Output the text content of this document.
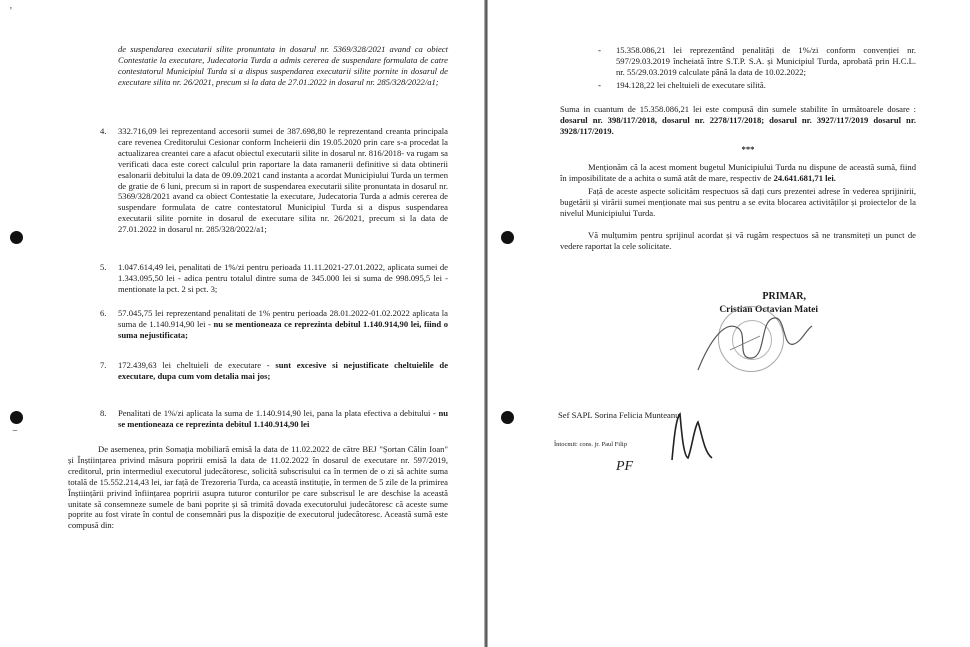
'
de suspendarea executarii silite pronuntata in dosarul nr. 5369/328/2021 avand ca obiect Contestatie la executare, Judecatoria Turda a admis cererea de suspendare formulata de catre contestatorul Municipiul Turda si a dispus suspendarea executarii silite pornite in dosarul de executare silita nr. 26/2021, precum si la data de 27.01.2022 in dosarul nr. 285/328/2022/a1;
4. 332.716,09 lei reprezentand accesorii sumei de 387.698,80 le reprezentand creanta principala care revenea Creditorului Cesionar conform Incheierii din 19.05.2020 prin care s-a procedat la actualizarea creantei care a afacut obiectul executarii silite in dosarul nr. 816/2018- va rugam sa verificati daca este corect calculul prin raportare la data ramanerii definitive si data obtinerii esalonarii debitului la data de 09.09.2021 cand instanta a acordat Municipiului Turda un termen de gratie de 6 luni, precum si in raport de suspendarea executarii silite pronuntata in dosarul nr. 5369/328/2021 avand ca obiect Contestatie la executare, Judecatoria Turda a admis cererea de suspendare formulata de catre contestatorul Municipiul Turda si a dispus suspendarea executarii silite pornite in dosarul de executare silita nr. 26/2021, precum si la data de 27.01.2022 in dosarul nr. 285/328/2022/a1;
5. 1.047.614,49 lei, penalitati de 1%/zi pentru perioada 11.11.2021-27.01.2022, aplicata sumei de 1.343.095,50 lei - adica pentru totalul dintre suma de 345.000 lei si suma de 998.095,5 lei - mentionate la pct. 2 si pct. 3;
6. 57.045,75 lei reprezentand penalitati de 1% pentru perioada 28.01.2022-01.02.2022 aplicata la suma de 1.140.914,90 lei - nu se mentioneaza ce reprezinta debitul 1.140.914,90 lei, fiind o suma nejustificata;
7. 172.439,63 lei cheltuieli de executare - sunt excesive si nejustificate cheltuielile de executare, dupa cum vom detalia mai jos;
8. Penalitati de 1%/zi aplicata la suma de 1.140.914,90 lei, pana la plata efectiva a debitului - nu se mentioneaza ce reprezinta debitul 1.140.914,90 lei
De asemenea, prin Somația mobiliară emisă la data de 11.02.2022 de către BEJ "Șortan Călin Ioan" și Înștiințarea privind măsura popririi emisă la data de 11.02.2022 în dosarul de executare nr. 597/2019, creditorul, prin intermediul executorul judecătoresc, solicită subscrisului ca în termen de o zi să achite suma totală de 15.552.214,43 lei, iar față de Trezoreria Turda, ca această instituție, în termen de 5 zile de la primirea Înștiințării privind înființarea popririi asupra tuturor conturilor pe care subscrisul le are deschise la această unitate să consemneze sumele de bani poprite și să trimită dovada executorului judecătoresc că aceste sume poprite au fost virate în contul de consemnări pus la dispoziție de executorul judecătoresc. Această sumă este compusă din:
- 15.358.086,21 lei reprezentând penalități de 1%/zi conform convenției nr. 597/29.03.2019 încheiată între S.T.P. S.A. și Municipiul Turda, aprobată prin H.C.L. nr. 55/29.03.2019 calculate până la data de 10.02.2022;
- 194.128,22 lei cheltuieli de executare silită.
Suma in cuantum de 15.358.086,21 lei este compusă din sumele stabilite în următoarele dosare : dosarul nr. 398/117/2018, dosarul nr. 2278/117/2018; dosarul nr. 3927/117/2019 dosarul nr. 3928/117/2019.
***
Menționăm că la acest moment bugetul Municipiului Turda nu dispune de această sumă, fiind în imposibilitate de a achita o sumă atât de mare, respectiv de 24.641.681,71 lei.
Față de aceste aspecte solicităm respectuos să dați curs prezentei adrese în vederea sprijinirii, bugetării și virării sumei menționate mai sus pentru a se evita blocarea activităților și proiectelor de la nivelul Municipiului Turda.
Vă mulțumim pentru sprijinul acordat și vă rugăm respectuos să ne transmiteți un punct de vedere raportat la cele solicitate.
PRIMAR,
Cristian Octavian Matei
Sef SAPL Sorina Felicia Munteanu
Întocmit: cons. jr. Paul Filip
PF
⌣
